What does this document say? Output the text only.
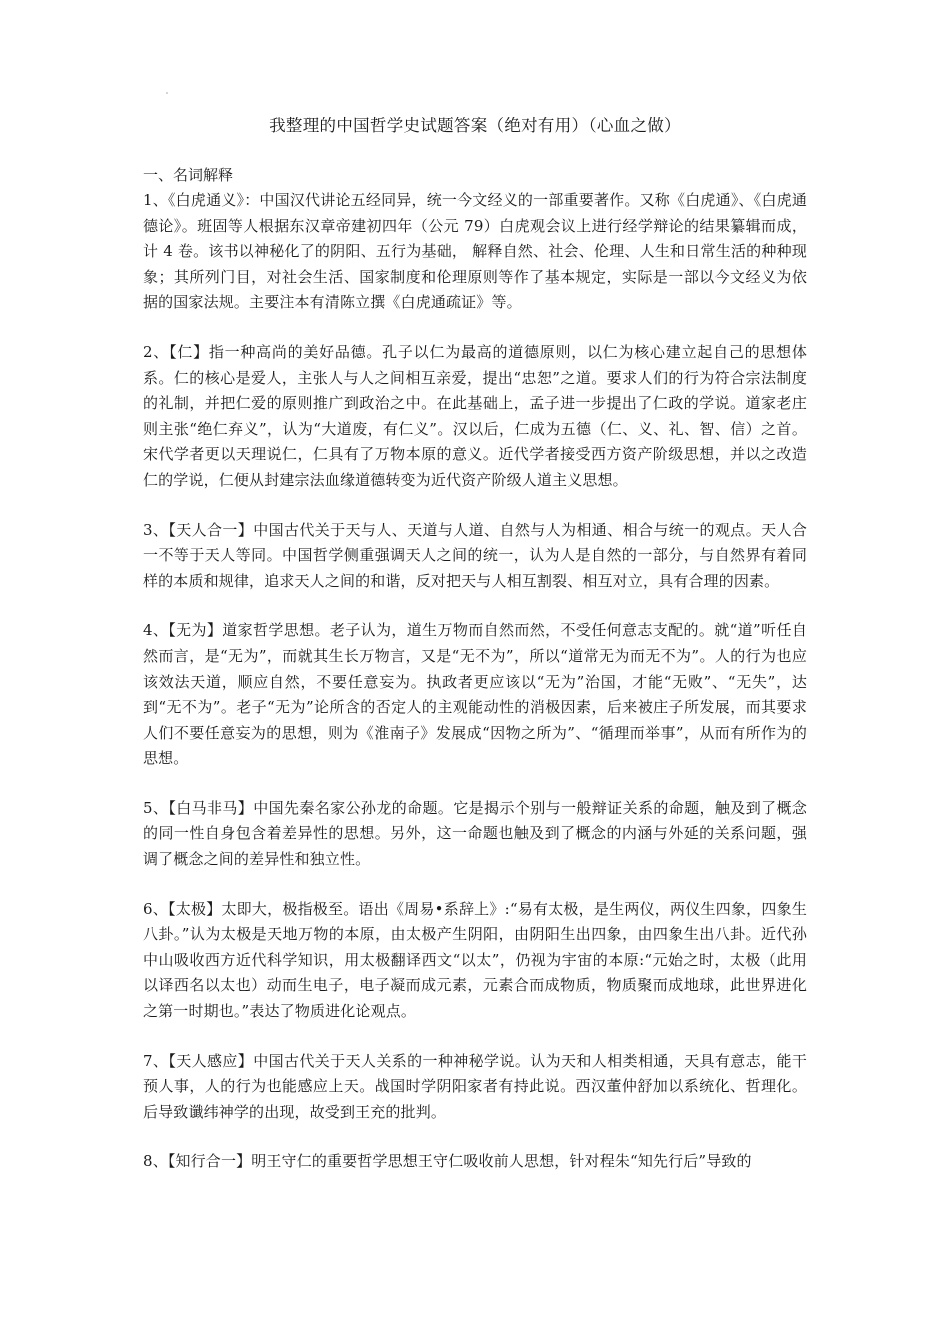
我整理的中国哲学史试题答案（绝对有用）（心血之做）
一、名词解释

1、《白虎通义》：中国汉代讲论五经同异，统一今文经义的一部重要著作。又称《白虎通》、《白虎通德论》。班固等人根据东汉章帝建初四年（公元 79）白虎观会议上进行经学辩论的结果纂辑而成，计 4 卷。该书以神秘化了的阴阳、五行为基础， 解释自然、社会、伦理、人生和日常生活的种种现象；其所列门目，对社会生活、国家制度和伦理原则等作了基本规定，实际是一部以今文经义为依据的国家法规。主要注本有清陈立撰《白虎通疏证》等。

2、【仁】指一种高尚的美好品德。孔子以仁为最高的道德原则，以仁为核心建立起自己的思想体系。仁的核心是爱人，主张人与人之间相互亲爱，提出“忠恕”之道。要求人们的行为符合宗法制度的礼制，并把仁爱的原则推广到政治之中。在此基础上，孟子进一步提出了仁政的学说。道家老庄则主张“绝仁弃义”，认为“大道废，有仁义”。汉以后，仁成为五德（仁、义、礼、智、信）之首。宋代学者更以天理说仁，仁具有了万物本原的意义。近代学者接受西方资产阶级思想，并以之改造仁的学说，仁便从封建宗法血缘道德转变为近代资产阶级人道主义思想。

3、【天人合一】中国古代关于天与人、天道与人道、自然与人为相通、相合与统一的观点。天人合一不等于天人等同。中国哲学侧重强调天人之间的统一，认为人是自然的一部分，与自然界有着同样的本质和规律，追求天人之间的和谐，反对把天与人相互割裂、相互对立，具有合理的因素。

4、【无为】道家哲学思想。老子认为，道生万物而自然而然，不受任何意志支配的。就“道”听任自然而言，是“无为”，而就其生长万物言，又是“无不为”，所以“道常无为而无不为”。人的行为也应该效法天道，顺应自然，不要任意妄为。执政者更应该以“无为”治国，才能“无败”、“无失”，达到“无不为”。老子“无为”论所含的否定人的主观能动性的消极因素，后来被庄子所发展，而其要求人们不要任意妄为的思想，则为《淮南子》发展成“因物之所为”、“循理而举事”，从而有所作为的思想。

5、【白马非马】中国先秦名家公孙龙的命题。它是揭示个别与一般辩证关系的命题，触及到了概念的同一性自身包含着差异性的思想。另外，这一命题也触及到了概念的内涵与外延的关系问题，强调了概念之间的差异性和独立性。

6、【太极】太即大，极指极至。语出《周易•系辞上》:“易有太极，是生两仪，两仪生四象，四象生八卦。”认为太极是天地万物的本原，由太极产生阴阳，由阴阳生出四象，由四象生出八卦。近代孙中山吸收西方近代科学知识，用太极翻译西文“以太”，仍视为宇宙的本原:“元始之时，太极（此用以译西名以太也）动而生电子，电子凝而成元素，元素合而成物质，物质聚而成地球，此世界进化之第一时期也。”表达了物质进化论观点。

7、【天人感应】中国古代关于天人关系的一种神秘学说。认为天和人相类相通，天具有意志，能干预人事，人的行为也能感应上天。战国时学阴阳家者有持此说。西汉董仲舒加以系统化、哲理化。后导致谶纬神学的出现，故受到王充的批判。

8、【知行合一】明王守仁的重要哲学思想王守仁吸收前人思想，针对程朱“知先行后”导致的
